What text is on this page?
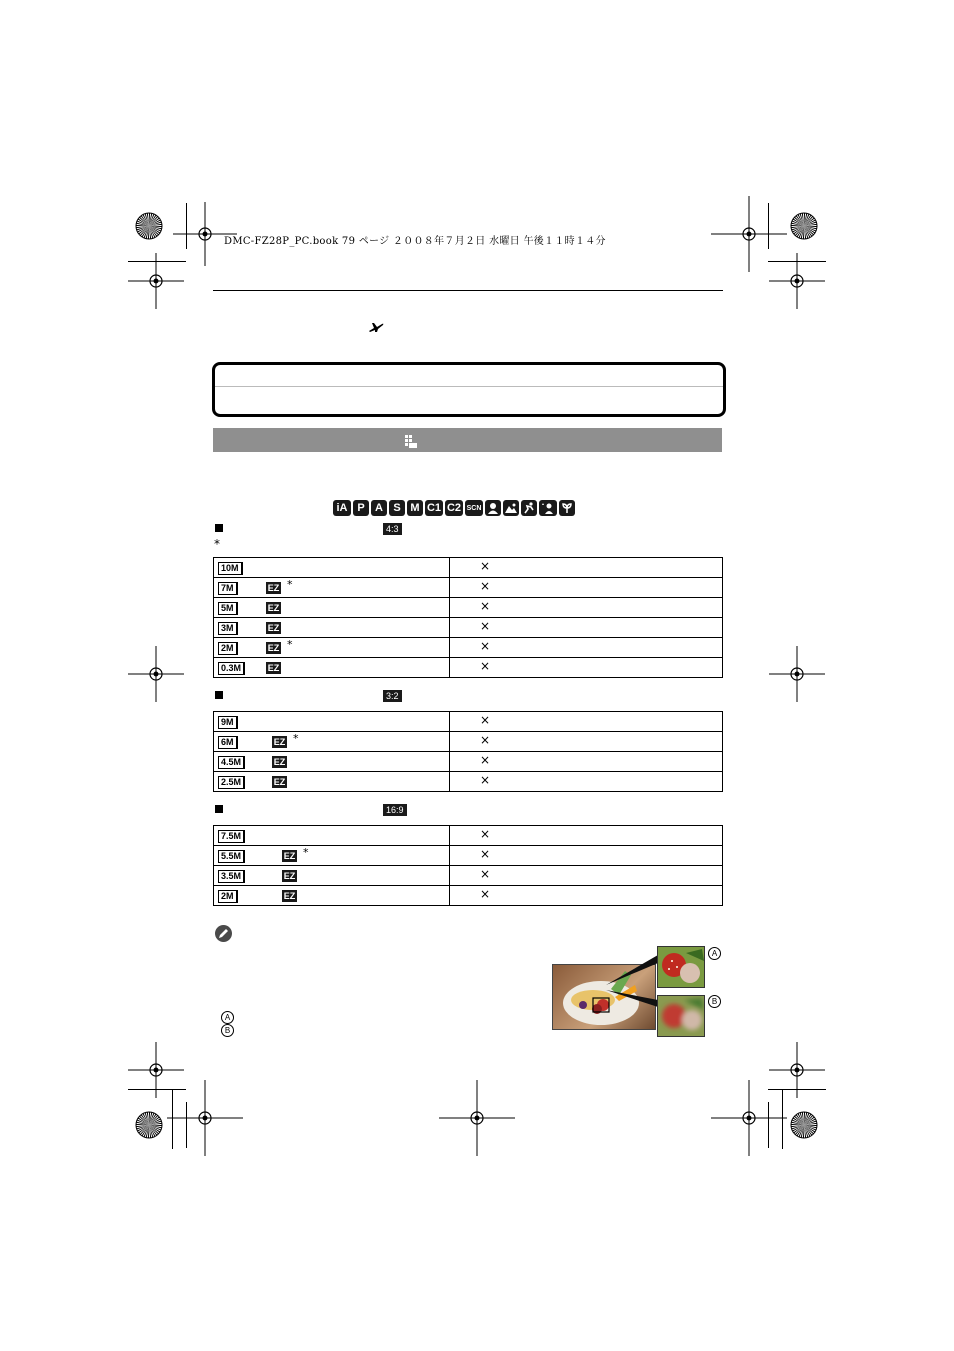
DMC-FZ28P_PC.book 79 ページ ２００８年７月２日 水曜日 午後１１時１４分
iA P A S M C1 C2 SCN
4:3
*
10M	×

7M EZ *	×

5M EZ	×

3M EZ	×

2M EZ *	×

0.3M EZ	×
3:2
9M	×

6M EZ *	×

4.5M EZ	×

2.5M EZ	×
16:9
7.5M	×

5.5M EZ *	×

3.5M EZ	×

2M EZ	×
A
B
A
B
